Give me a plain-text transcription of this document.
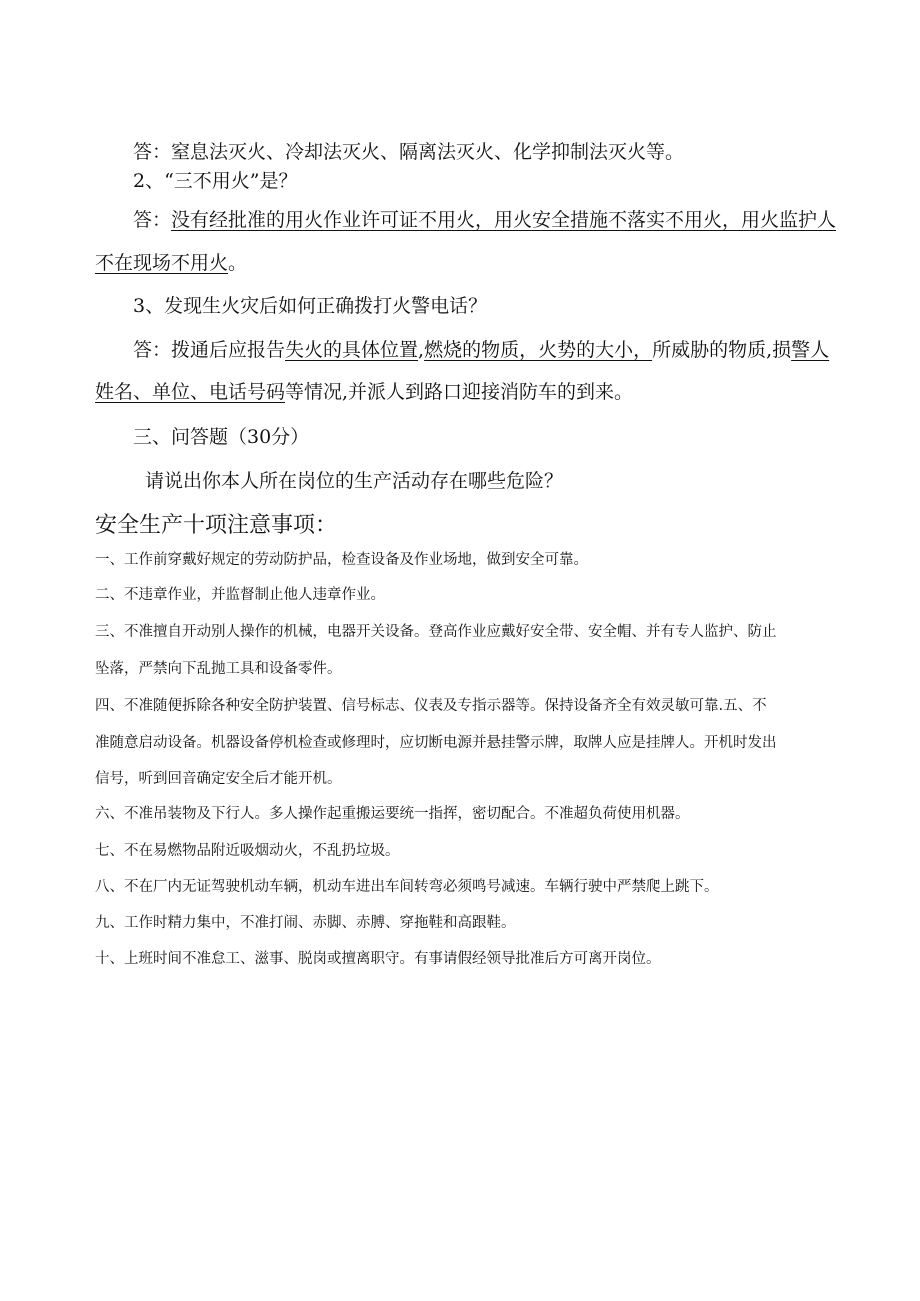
答：窒息法灭火、冷却法灭火、隔离法灭火、化学抑制法灭火等。
2、“三不用火”是？
答：没有经批准的用火作业许可证不用火，用火安全措施不落实不用火，用火监护人
不在现场不用火。
3、发现生火灾后如何正确拨打火警电话？
答：拨通后应报告失火的具体位置,燃烧的物质，火势的大小，所威胁的物质,损警人
姓名、单位、电话号码等情况,并派人到路口迎接消防车的到来。
三、问答题（30分）
请说出你本人所在岗位的生产活动存在哪些危险？
安全生产十项注意事项：
一、工作前穿戴好规定的劳动防护品，检查设备及作业场地，做到安全可靠。
二、不违章作业，并监督制止他人违章作业。
三、不准擅自开动别人操作的机械，电器开关设备。登高作业应戴好安全带、安全帽、并有专人监护、防止
坠落，严禁向下乱抛工具和设备零件。
四、不准随便拆除各种安全防护装置、信号标志、仪表及专指示器等。保持设备齐全有效灵敏可靠.五、不
准随意启动设备。机器设备停机检查或修理时，应切断电源并悬挂警示牌，取牌人应是挂牌人。开机时发出
信号，听到回音确定安全后才能开机。
六、不准吊装物及下行人。多人操作起重搬运要统一指挥，密切配合。不准超负荷使用机器。
七、不在易燃物品附近吸烟动火，不乱扔垃圾。
八、不在厂内无证驾驶机动车辆，机动车进出车间转弯必须鸣号减速。车辆行驶中严禁爬上跳下。
九、工作时精力集中，不准打闹、赤脚、赤膊、穿拖鞋和高跟鞋。
十、上班时间不准怠工、滋事、脱岗或擅离职守。有事请假经领导批准后方可离开岗位。
